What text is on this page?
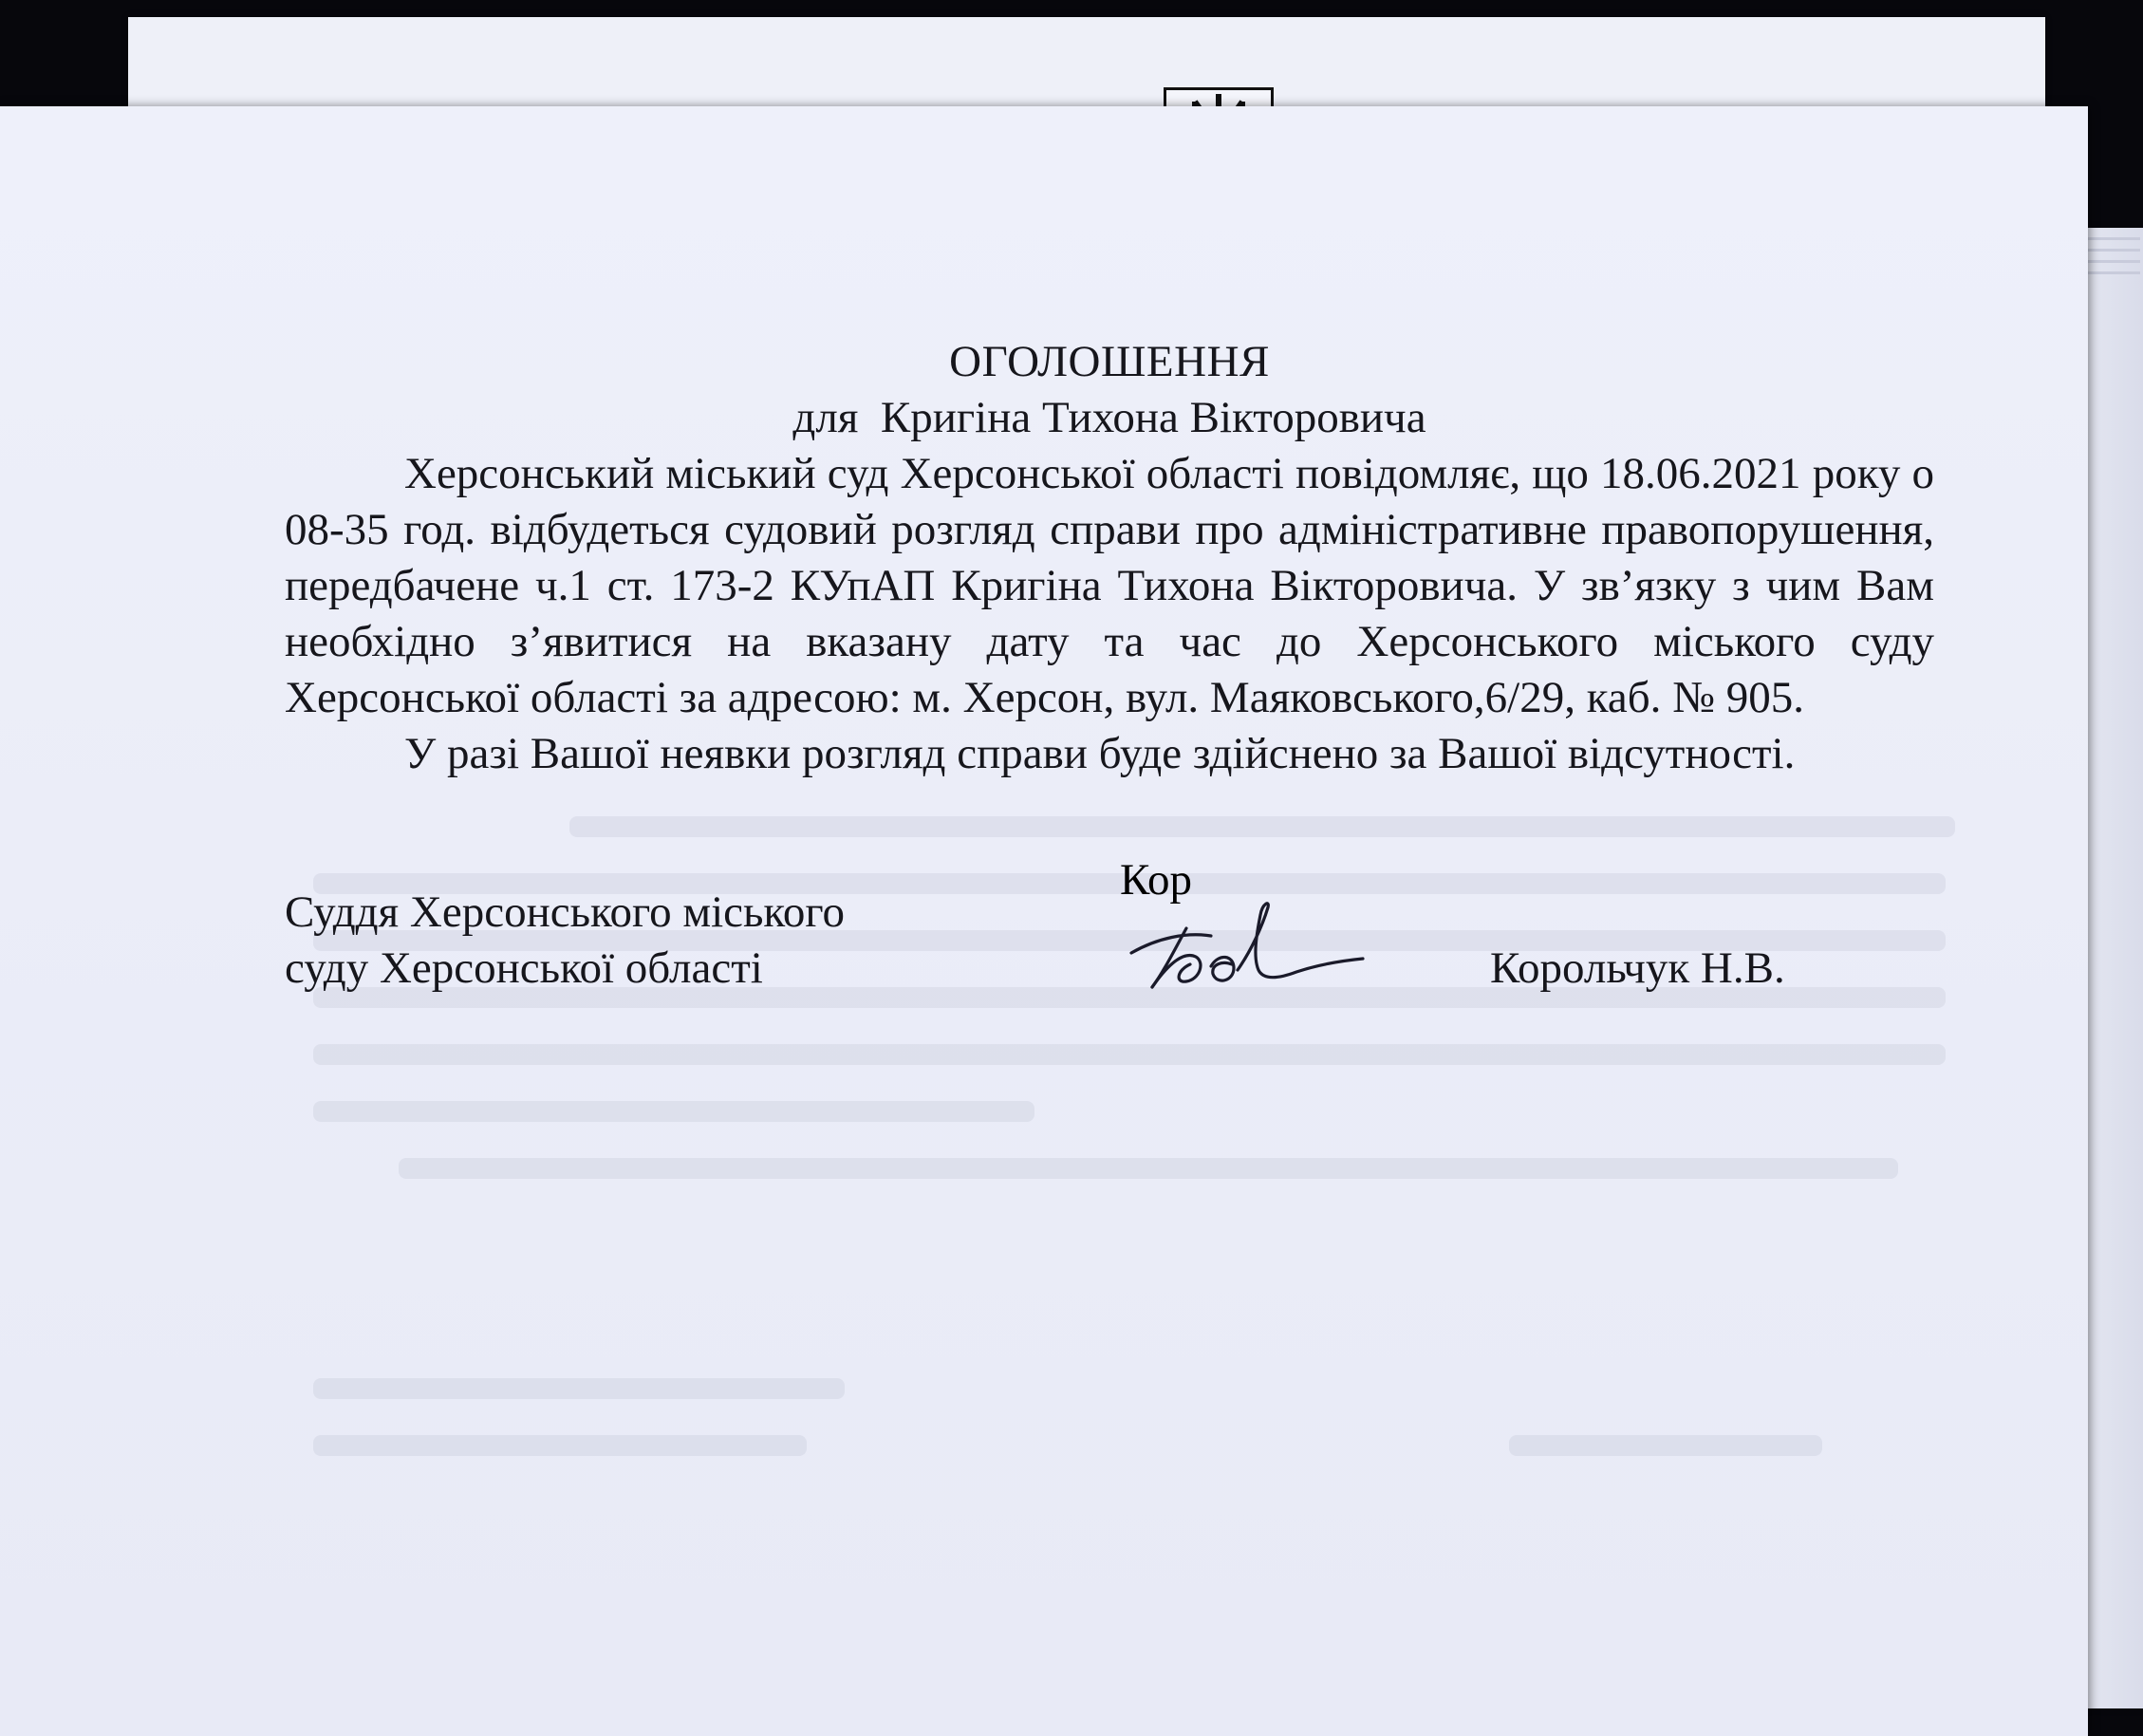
ОГОЛОШЕННЯ

для  Кригіна Тихона Вікторовича

Херсонський міський суд Херсонської області повідомляє, що 18.06.2021 року о 08-35 год. відбудеться судовий розгляд справи про адміністративне правопорушення, передбачене ч.1 ст. 173-2 КУпАП Кригіна Тихона Вікторовича. У зв’язку з чим Вам необхідно з’явитися на вказану дату та час до Херсонського міського суду Херсонської області за адресою: м. Херсон, вул. Маяковського,6/29, каб. № 905.

У разі Вашої неявки розгляд справи буде здійснено за Вашої відсутності.

Суддя Херсонського міського
суду Херсонської області
Кор
Корольчук Н.В.
